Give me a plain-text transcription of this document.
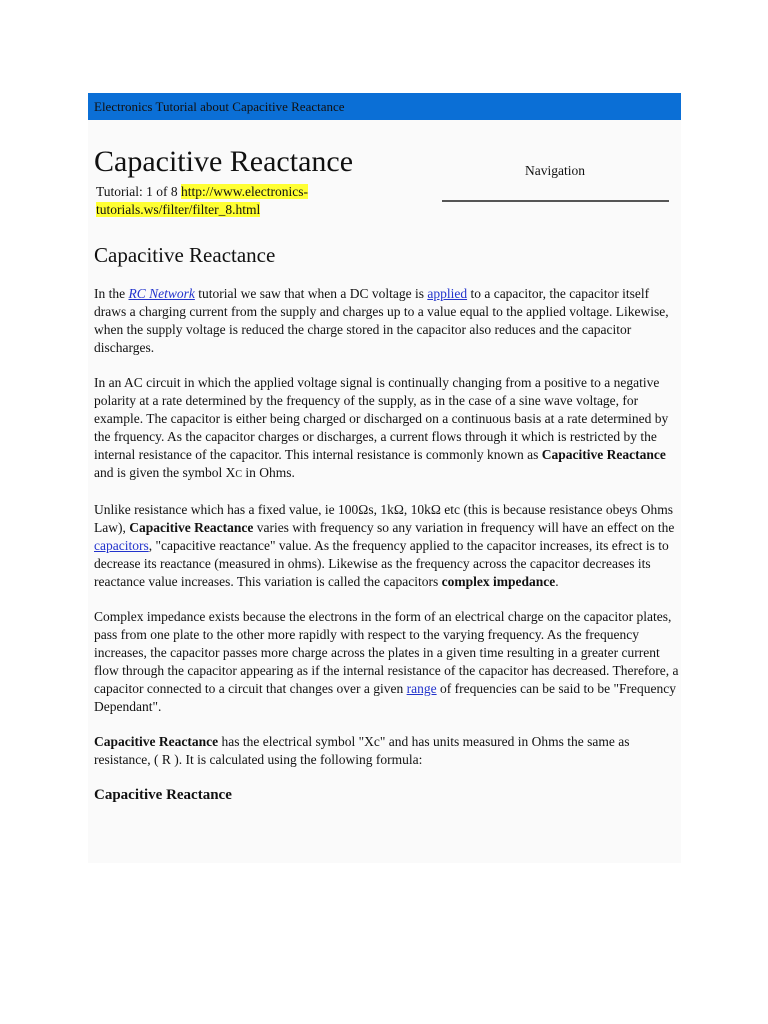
Electronics Tutorial about Capacitive Reactance
Capacitive Reactance
Tutorial: 1 of 8 http://www.electronics-tutorials.ws/filter/filter_8.html
Navigation
Capacitive Reactance

In the RC Network tutorial we saw that when a DC voltage is applied to a capacitor, the capacitor itself draws a charging current from the supply and charges up to a value equal to the applied voltage. Likewise, when the supply voltage is reduced the charge stored in the capacitor also reduces and the capacitor discharges.

In an AC circuit in which the applied voltage signal is continually changing from a positive to a negative polarity at a rate determined by the frequency of the supply, as in the case of a sine wave voltage, for example. The capacitor is either being charged or discharged on a continuous basis at a rate determined by the frquency. As the capacitor charges or discharges, a current flows through it which is restricted by the internal resistance of the capacitor. This internal resistance is commonly known as Capacitive Reactance and is given the symbol XC in Ohms.

Unlike resistance which has a fixed value, ie 100Ωs, 1kΩ, 10kΩ etc (this is because resistance obeys Ohms Law), Capacitive Reactance varies with frequency so any variation in frequency will have an effect on the capacitors, "capacitive reactance" value. As the frequency applied to the capacitor increases, its efrect is to decrease its reactance (measured in ohms). Likewise as the frequency across the capacitor decreases its reactance value increases. This variation is called the capacitors complex impedance.

Complex impedance exists because the electrons in the form of an electrical charge on the capacitor plates, pass from one plate to the other more rapidly with respect to the varying frequency. As the frequency increases, the capacitor passes more charge across the plates in a given time resulting in a greater current flow through the capacitor appearing as if the internal resistance of the capacitor has decreased. Therefore, a capacitor connected to a circuit that changes over a given range of frequencies can be said to be "Frequency Dependant".

Capacitive Reactance has the electrical symbol "Xc" and has units measured in Ohms the same as resistance, ( R ). It is calculated using the following formula:

Capacitive Reactance
